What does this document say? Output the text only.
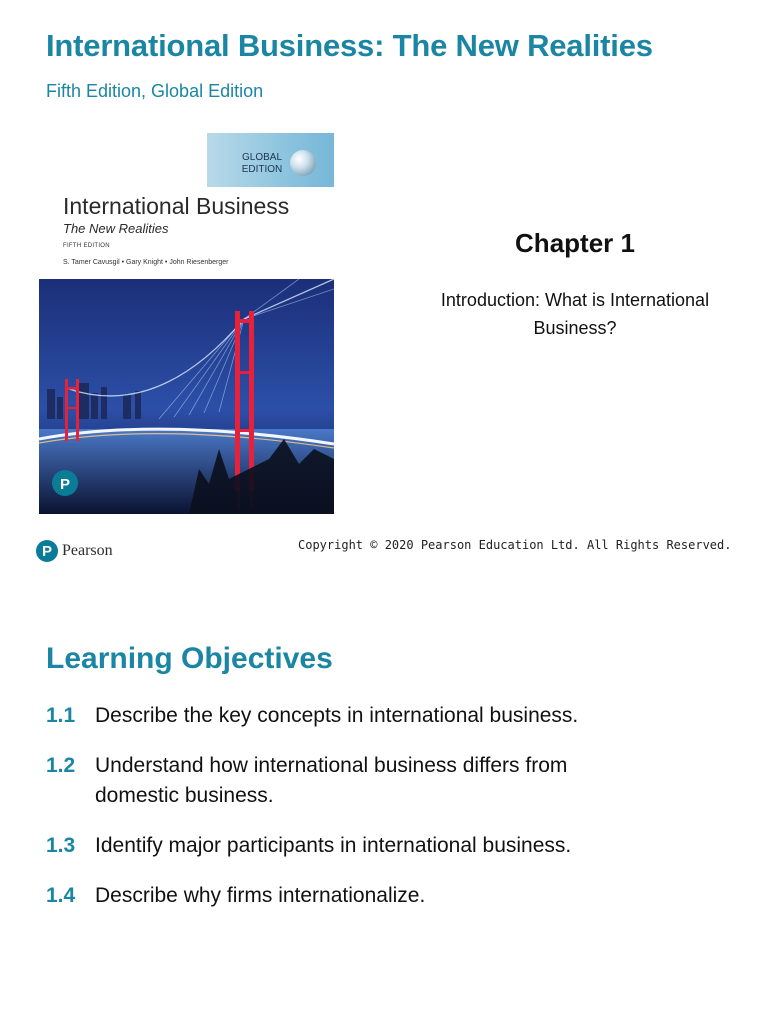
International Business: The New Realities
Fifth Edition, Global Edition
GLOBAL EDITION
International Business
The New Realities
FIFTH EDITION
S. Tamer Cavusgil • Gary Knight • John Riesenberger
P
Chapter 1
Introduction: What is International Business?
P Pearson	Copyright © 2020 Pearson Education Ltd. All Rights Reserved.
Learning Objectives
1.1 Describe the key concepts in international business.
1.2 Understand how international business differs from domestic business.
1.3 Identify major participants in international business.
1.4 Describe why firms internationalize.
